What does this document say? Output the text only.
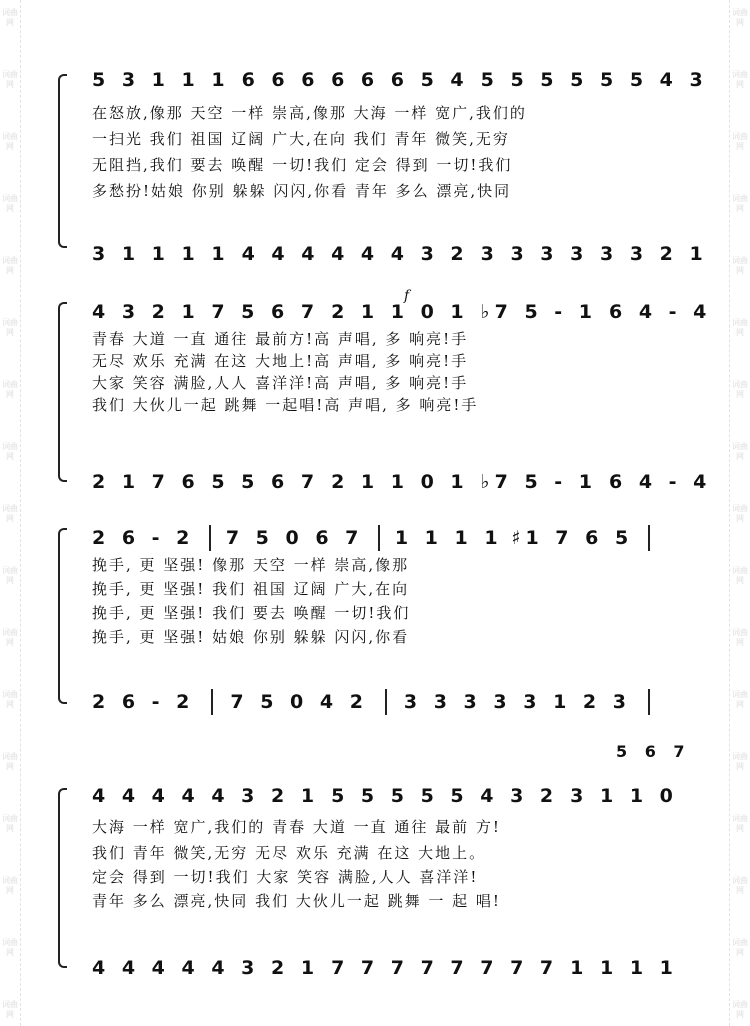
词曲网
词曲网
词曲网
词曲网
词曲网
词曲网
词曲网
词曲网
词曲网
词曲网
词曲网
词曲网
词曲网
词曲网
词曲网
词曲网
词曲网
词曲网
词曲网
词曲网
词曲网
词曲网
词曲网
词曲网
词曲网
词曲网
词曲网
词曲网
词曲网
词曲网
词曲网
词曲网
词曲网
词曲网
5 3 1 1 1 6 6 6 6 6 6 5 4 5 5 5 5 5 5 4 3
在怒放,像那 天空 一样 崇高,像那 大海 一样 宽广,我们的
一扫光 我们 祖国 辽阔 广大,在向 我们 青年 微笑,无穷
无阻挡,我们 要去 唤醒 一切!我们 定会 得到 一切!我们
多愁扮!姑娘 你别 躲躲 闪闪,你看 青年 多么 漂亮,快同
3 1 1 1 1 4 4 4 4 4 4 3 2 3 3 3 3 3 3 2 1
f
4 3 2 1 7 5 6 7 2 1 1 0 1 ♭7 5 - 1 6 4 - 4
青春 大道 一直 通往 最前方!高 声唱, 多 响亮!手
无尽 欢乐 充满 在这 大地上!高 声唱, 多 响亮!手
大家 笑容 满脸,人人 喜洋洋!高 声唱, 多 响亮!手
我们 大伙儿一起 跳舞 一起唱!高 声唱, 多 响亮!手
2 1 7 6 5 5 6 7 2 1 1 0 1 ♭7 5 - 1 6 4 - 4
2 6 - 2 7 5 0 6 7 1 1 1 1 ♯1 7 6 5
挽手, 更 坚强! 像那 天空 一样 崇高,像那
挽手, 更 坚强! 我们 祖国 辽阔 广大,在向
挽手, 更 坚强! 我们 要去 唤醒 一切!我们
挽手, 更 坚强! 姑娘 你别 躲躲 闪闪,你看
2 6 - 2 7 5 0 4 2 3 3 3 3 3 1 2 3
5 6 7
4 4 4 4 4 3 2 1 5 5 5 5 5 4 3 2 3 1 1 0
大海 一样 宽广,我们的 青春 大道 一直 通往 最前 方!
我们 青年 微笑,无穷 无尽 欢乐 充满 在这 大地上。
定会 得到 一切!我们 大家 笑容 满脸,人人 喜洋洋!
青年 多么 漂亮,快同 我们 大伙儿一起 跳舞 一 起 唱!
4 4 4 4 4 3 2 1 7 7 7 7 7 7 7 7 1 1 1 1
